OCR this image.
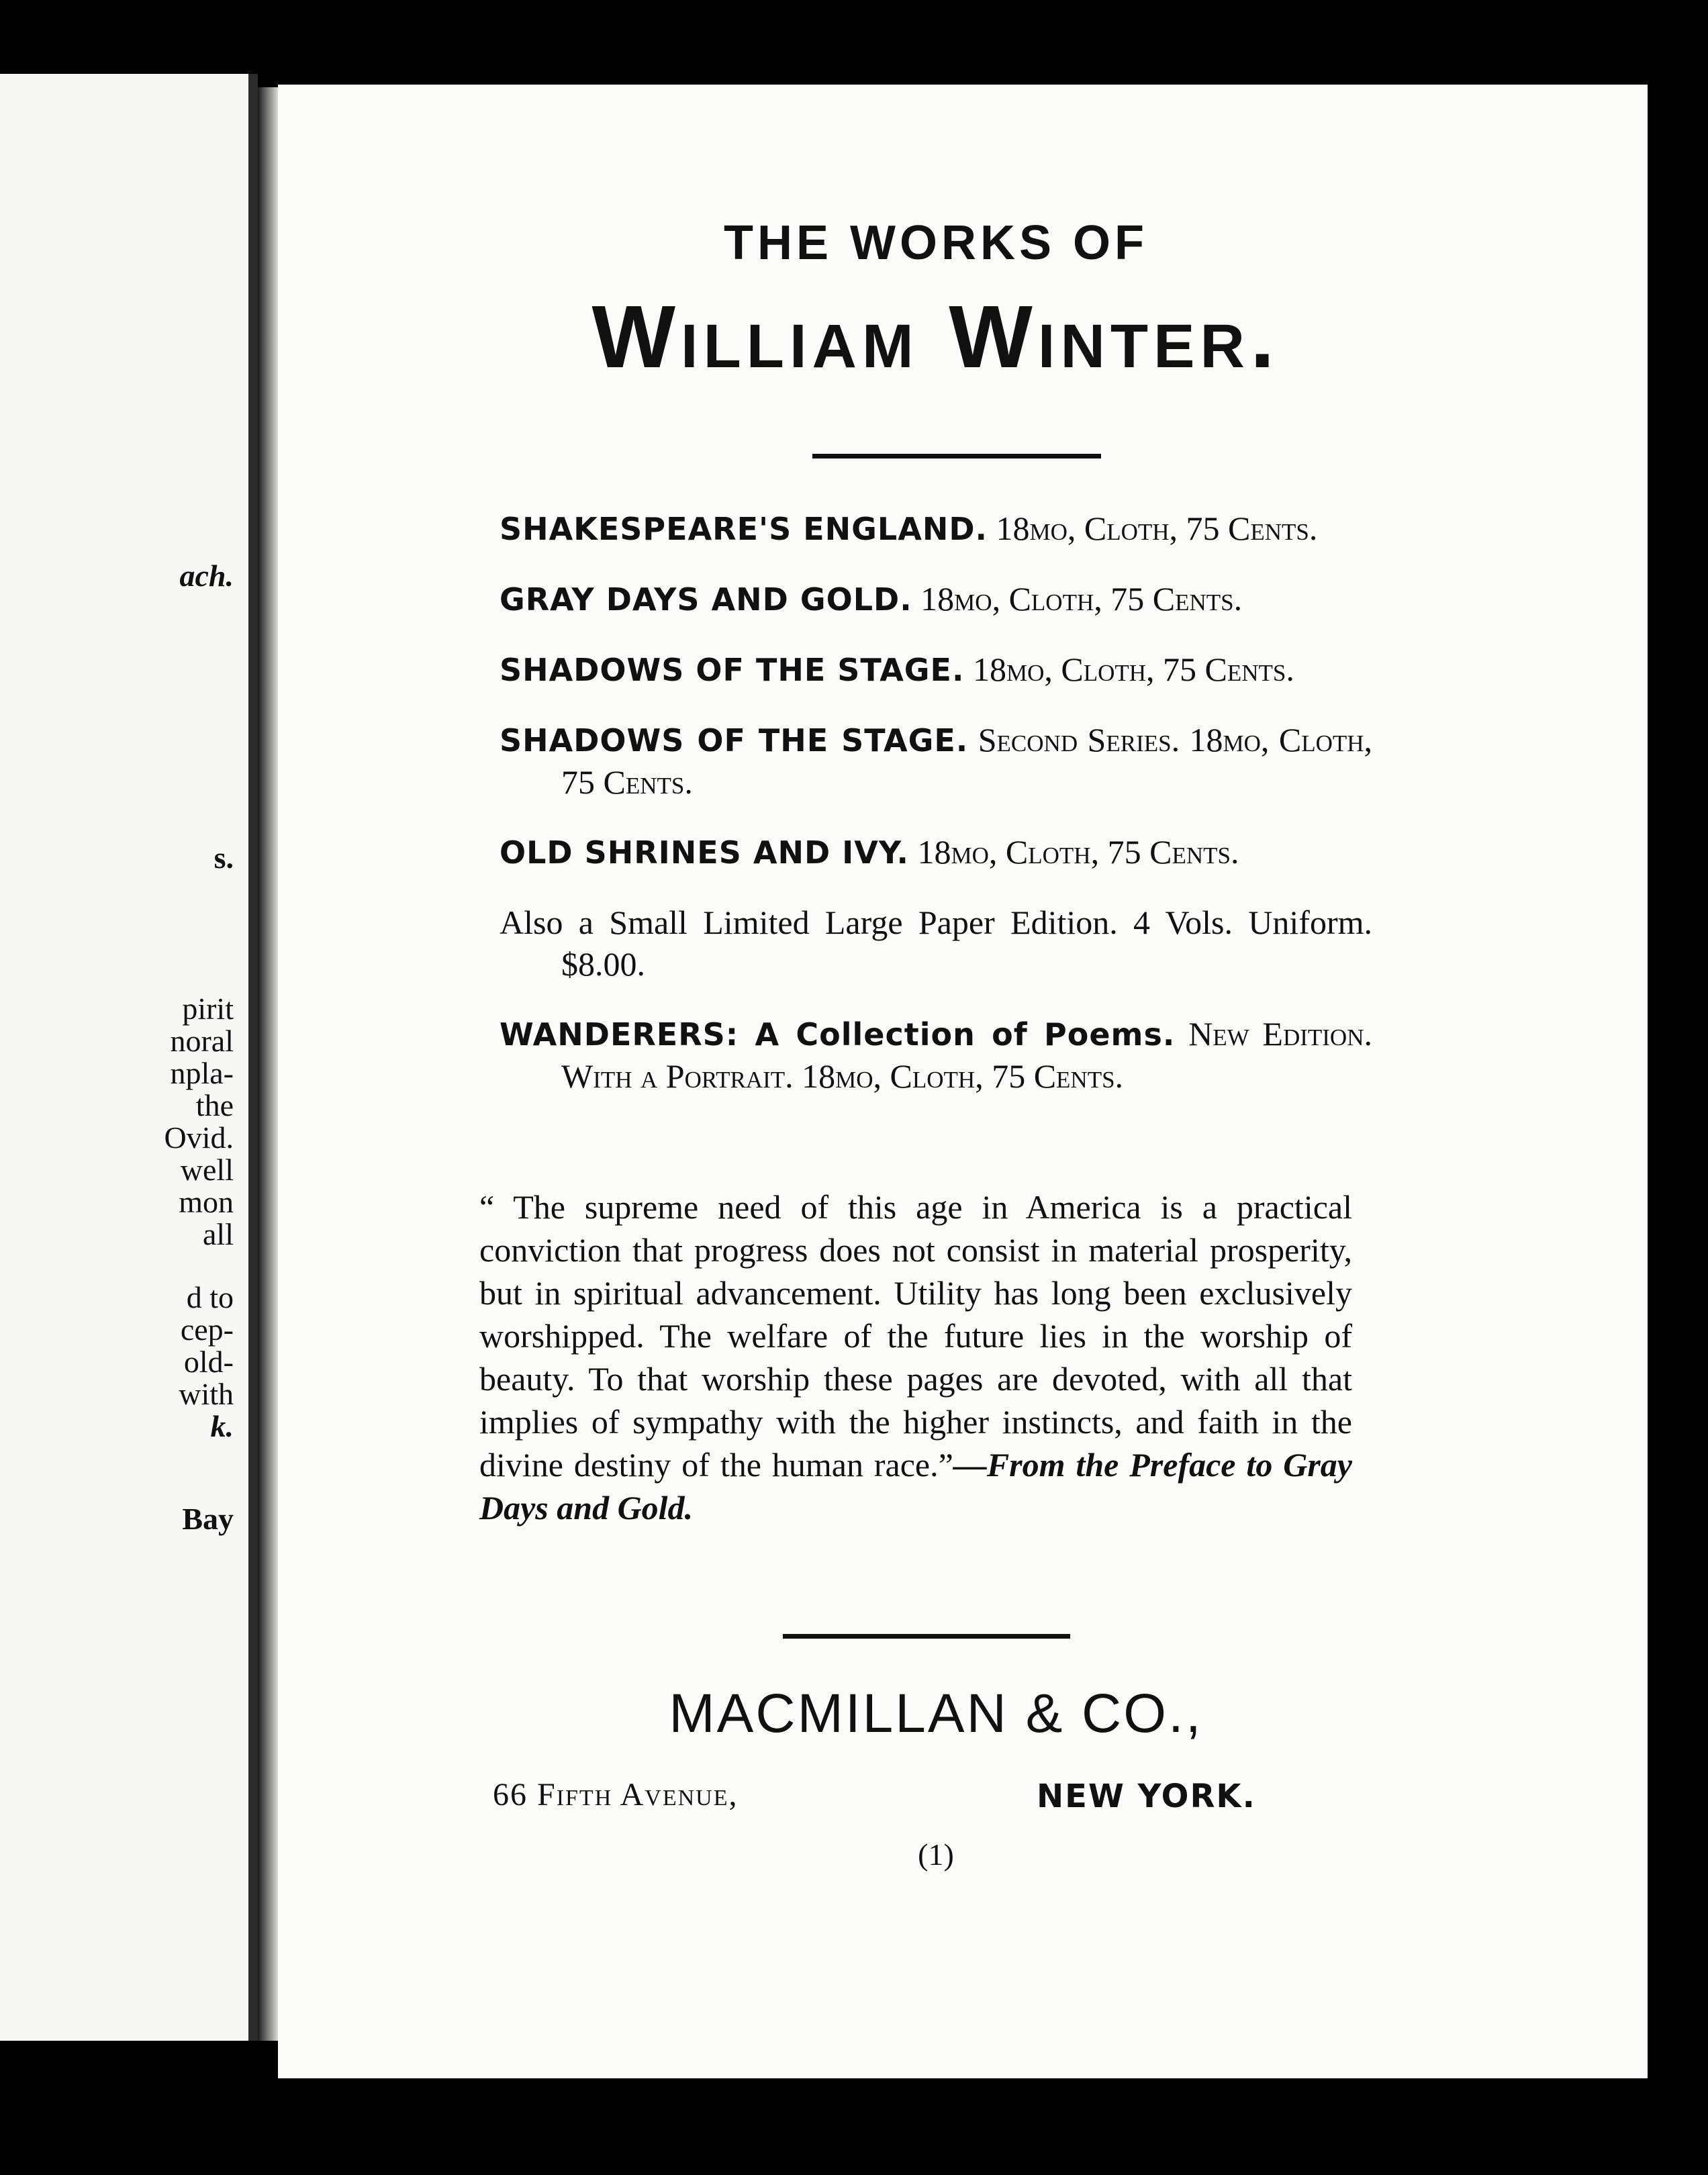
ach.
s.
pirit
noral
npla-
the
Ovid.
well
mon
all
d to
cep-
old-
with
k.
Bay
THE WORKS OF
William Winter.
SHAKESPEARE'S ENGLAND. 18mo, Cloth, 75 Cents.
GRAY DAYS AND GOLD. 18mo, Cloth, 75 Cents.
SHADOWS OF THE STAGE. 18mo, Cloth, 75 Cents.
SHADOWS OF THE STAGE. Second Series. 18mo, Cloth, 75 Cents.
OLD SHRINES AND IVY. 18mo, Cloth, 75 Cents.
Also a Small Limited Large Paper Edition. 4 Vols. Uniform. $8.00.
WANDERERS: A Collection of Poems. New Edition. With a Portrait. 18mo, Cloth, 75 Cents.
“ The supreme need of this age in America is a practical conviction that progress does not consist in material prosperity, but in spiritual advancement. Utility has long been exclusively worshipped. The welfare of the future lies in the worship of beauty. To that worship these pages are devoted, with all that implies of sympathy with the higher instincts, and faith in the divine destiny of the human race.”—From the Preface to Gray Days and Gold.
MACMILLAN & CO.,
66 Fifth Avenue,	NEW YORK.
(1)
